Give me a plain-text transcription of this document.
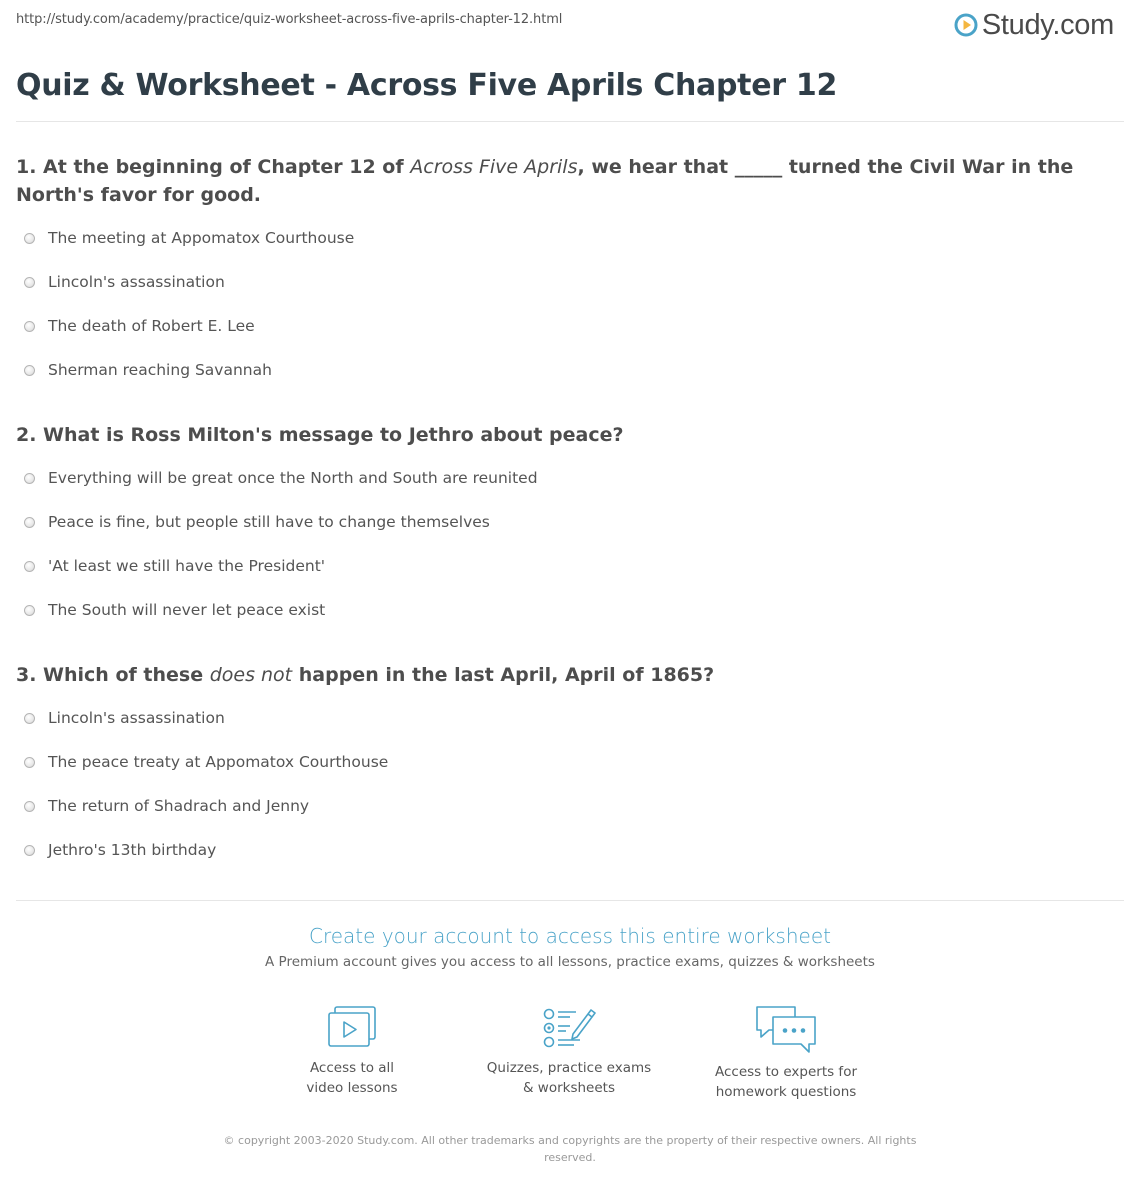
http://study.com/academy/practice/quiz-worksheet-across-five-aprils-chapter-12.html	Study.com
Quiz & Worksheet - Across Five Aprils Chapter 12
1. At the beginning of Chapter 12 of Across Five Aprils, we hear that _____ turned the Civil War in the North's favor for good.
The meeting at Appomatox Courthouse
Lincoln's assassination
The death of Robert E. Lee
Sherman reaching Savannah
2. What is Ross Milton's message to Jethro about peace?
Everything will be great once the North and South are reunited
Peace is fine, but people still have to change themselves
'At least we still have the President'
The South will never let peace exist
3. Which of these does not happen in the last April, April of 1865?
Lincoln's assassination
The peace treaty at Appomatox Courthouse
The return of Shadrach and Jenny
Jethro's 13th birthday
Create your account to access this entire worksheet
A Premium account gives you access to all lessons, practice exams, quizzes & worksheets
Access to all
video lessons
Quizzes, practice exams
& worksheets
Access to experts for
homework questions
© copyright 2003-2020 Study.com. All other trademarks and copyrights are the property of their respective owners. All rights reserved.
